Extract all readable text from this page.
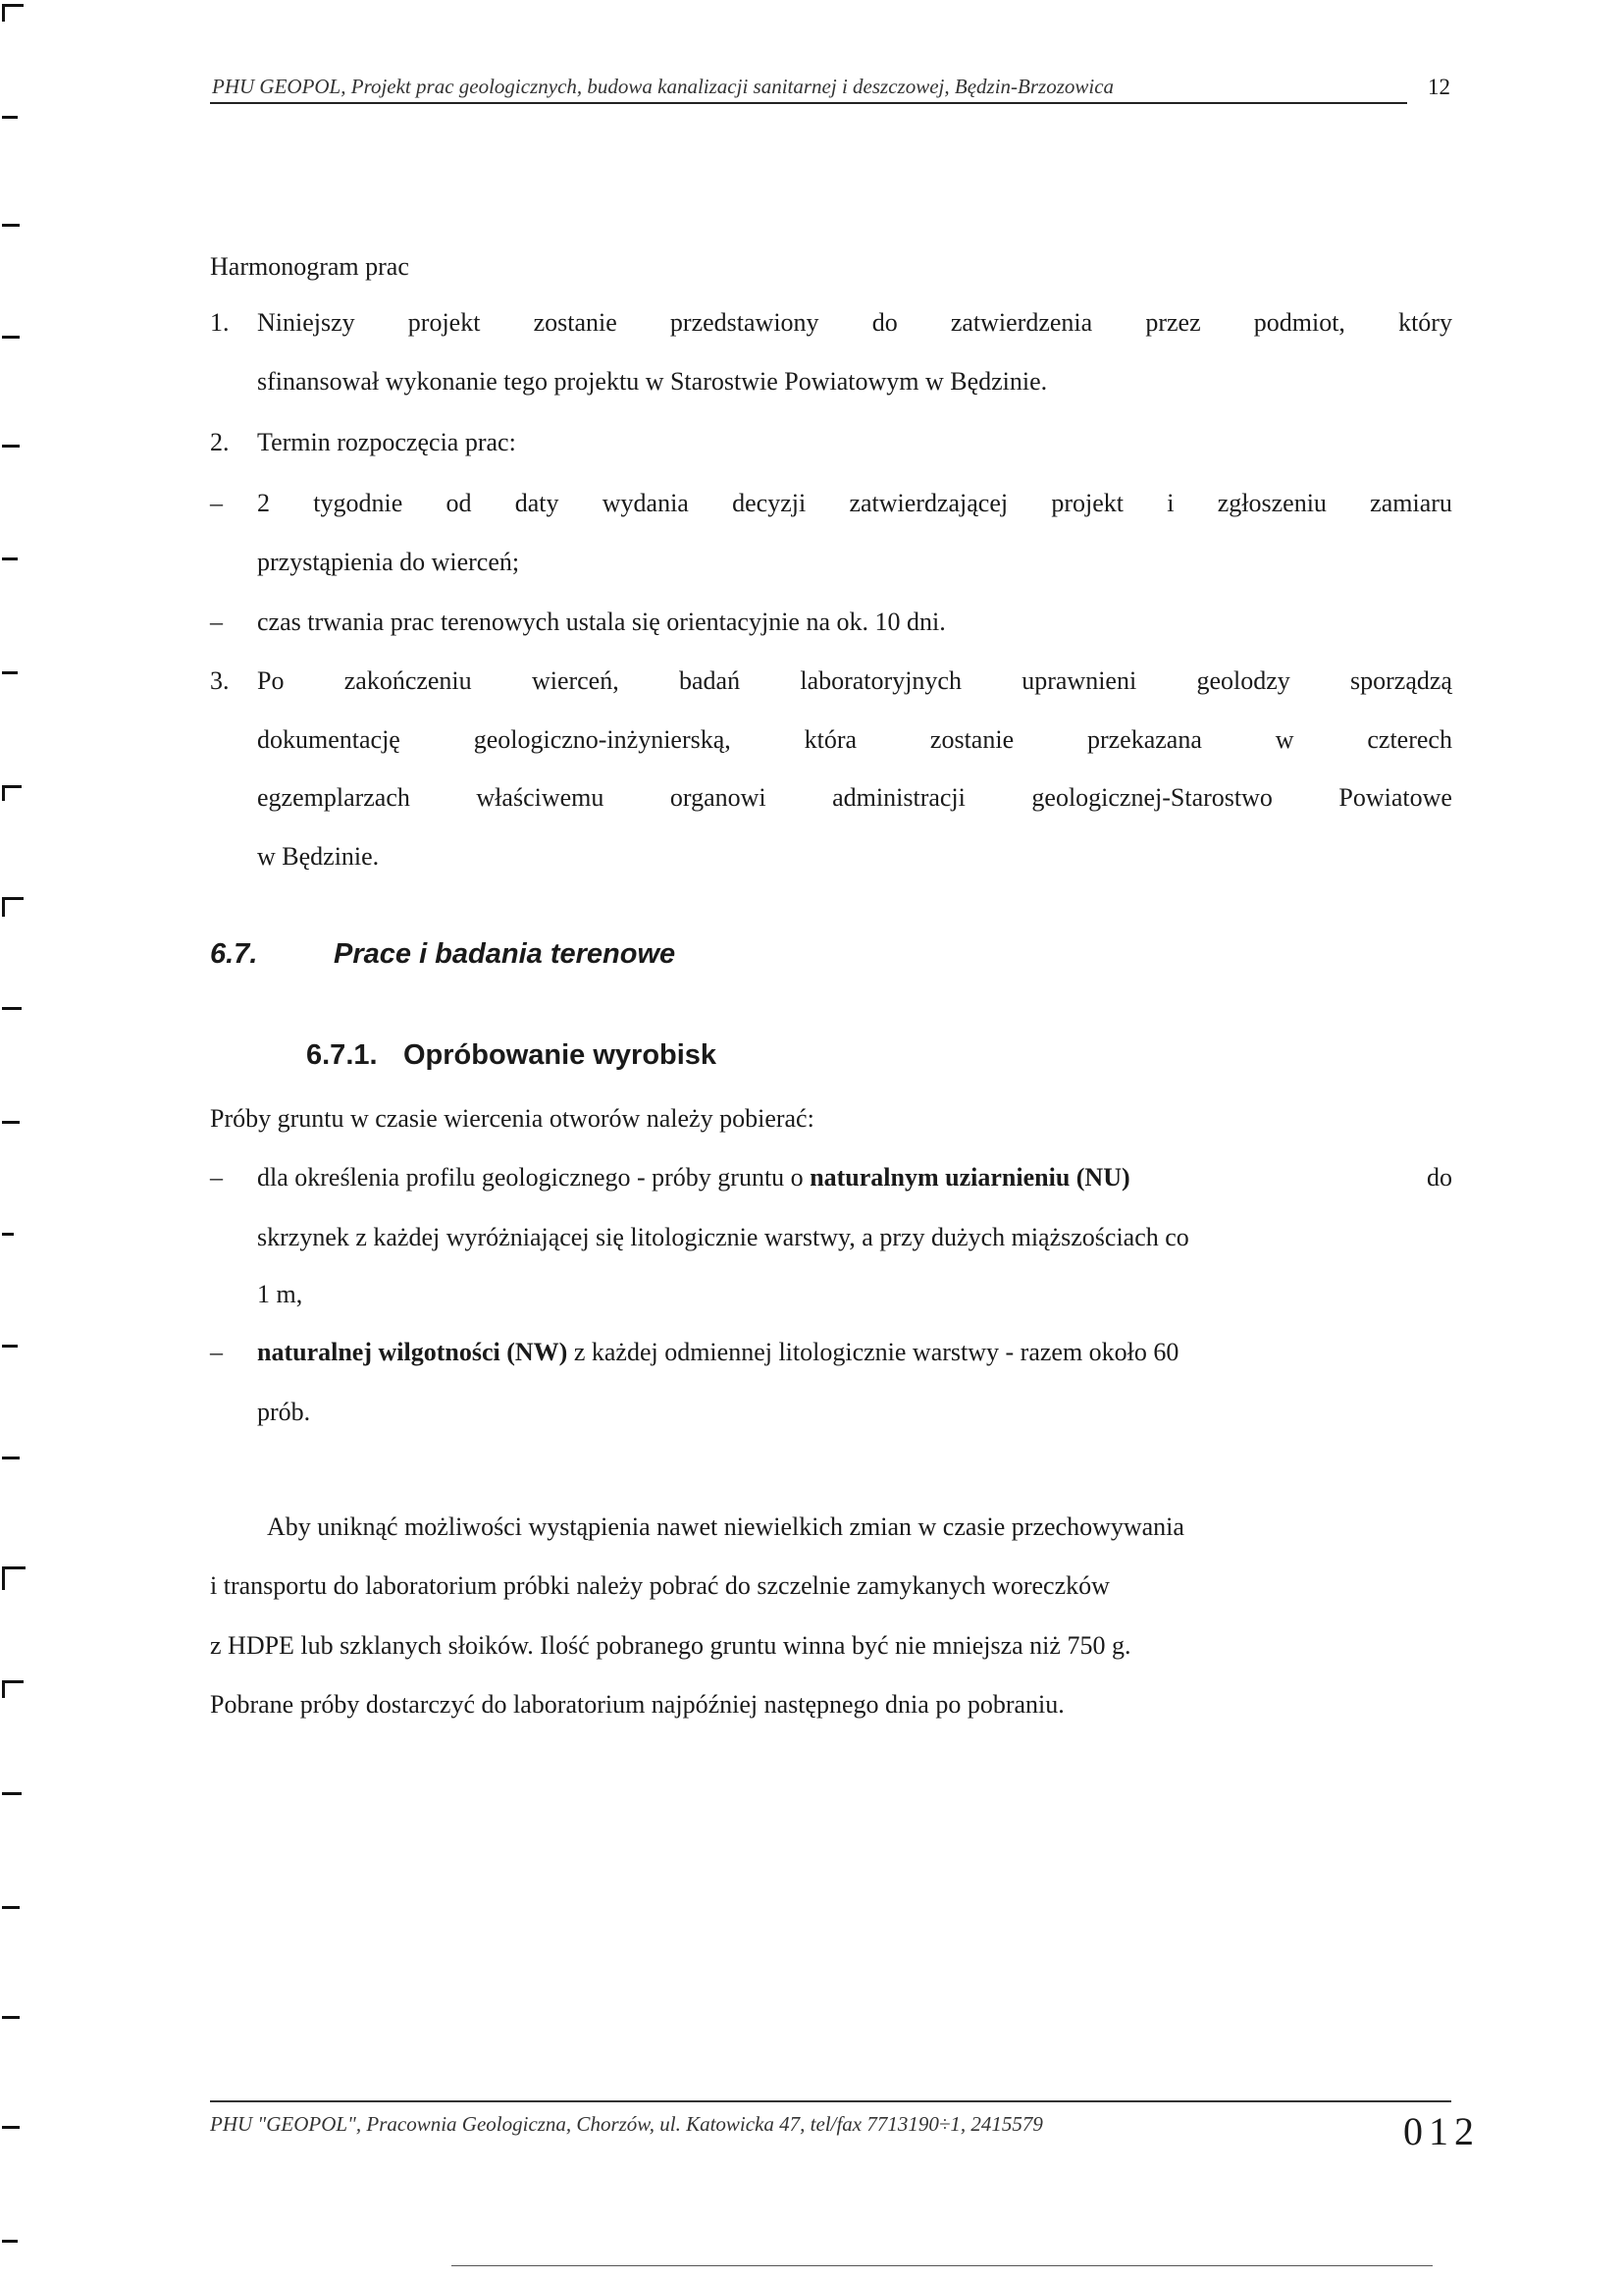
PHU GEOPOL, Projekt prac geologicznych, budowa kanalizacji sanitarnej i deszczowej, Będzin-Brzozowica	12
Harmonogram prac
1. Niniejszy projekt zostanie przedstawiony do zatwierdzenia przez podmiot, który
sfinansował wykonanie tego projektu w Starostwie Powiatowym w Będzinie.
2. Termin rozpoczęcia prac:
– 2 tygodnie od daty wydania decyzji zatwierdzającej projekt i zgłoszeniu zamiaru
przystąpienia do wierceń;
– czas trwania prac terenowych ustala się orientacyjnie na ok. 10 dni.
3. Po zakończeniu wierceń, badań laboratoryjnych uprawnieni geolodzy sporządzą
dokumentację	geologiczno-inżynierską,	która	zostanie	przekazana	w	czterech
egzemplarzach	właściwemu	organowi	administracji	geologicznej-Starostwo	Powiatowe
w Będzinie.
6.7.	Prace i badania terenowe
6.7.1. Opróbowanie wyrobisk
Próby gruntu w czasie wiercenia otworów należy pobierać:
– dla określenia profilu geologicznego - próby gruntu o naturalnym uziarnieniu (NU)	do
skrzynek z każdej wyróżniającej się litologicznie warstwy, a przy dużych miąższościach co
1 m,
– naturalnej wilgotności (NW) z każdej odmiennej litologicznie warstwy - razem około 60
prób.
Aby uniknąć możliwości wystąpienia nawet niewielkich zmian w czasie przechowywania
i transportu do laboratorium próbki należy pobrać do szczelnie zamykanych woreczków
z HDPE lub szklanych słoików. Ilość pobranego gruntu winna być nie mniejsza niż 750 g.
Pobrane próby dostarczyć do laboratorium najpóźniej następnego dnia po pobraniu.
PHU "GEOPOL", Pracownia Geologiczna, Chorzów, ul. Katowicka 47, tel/fax 7713190÷1, 2415579	012
